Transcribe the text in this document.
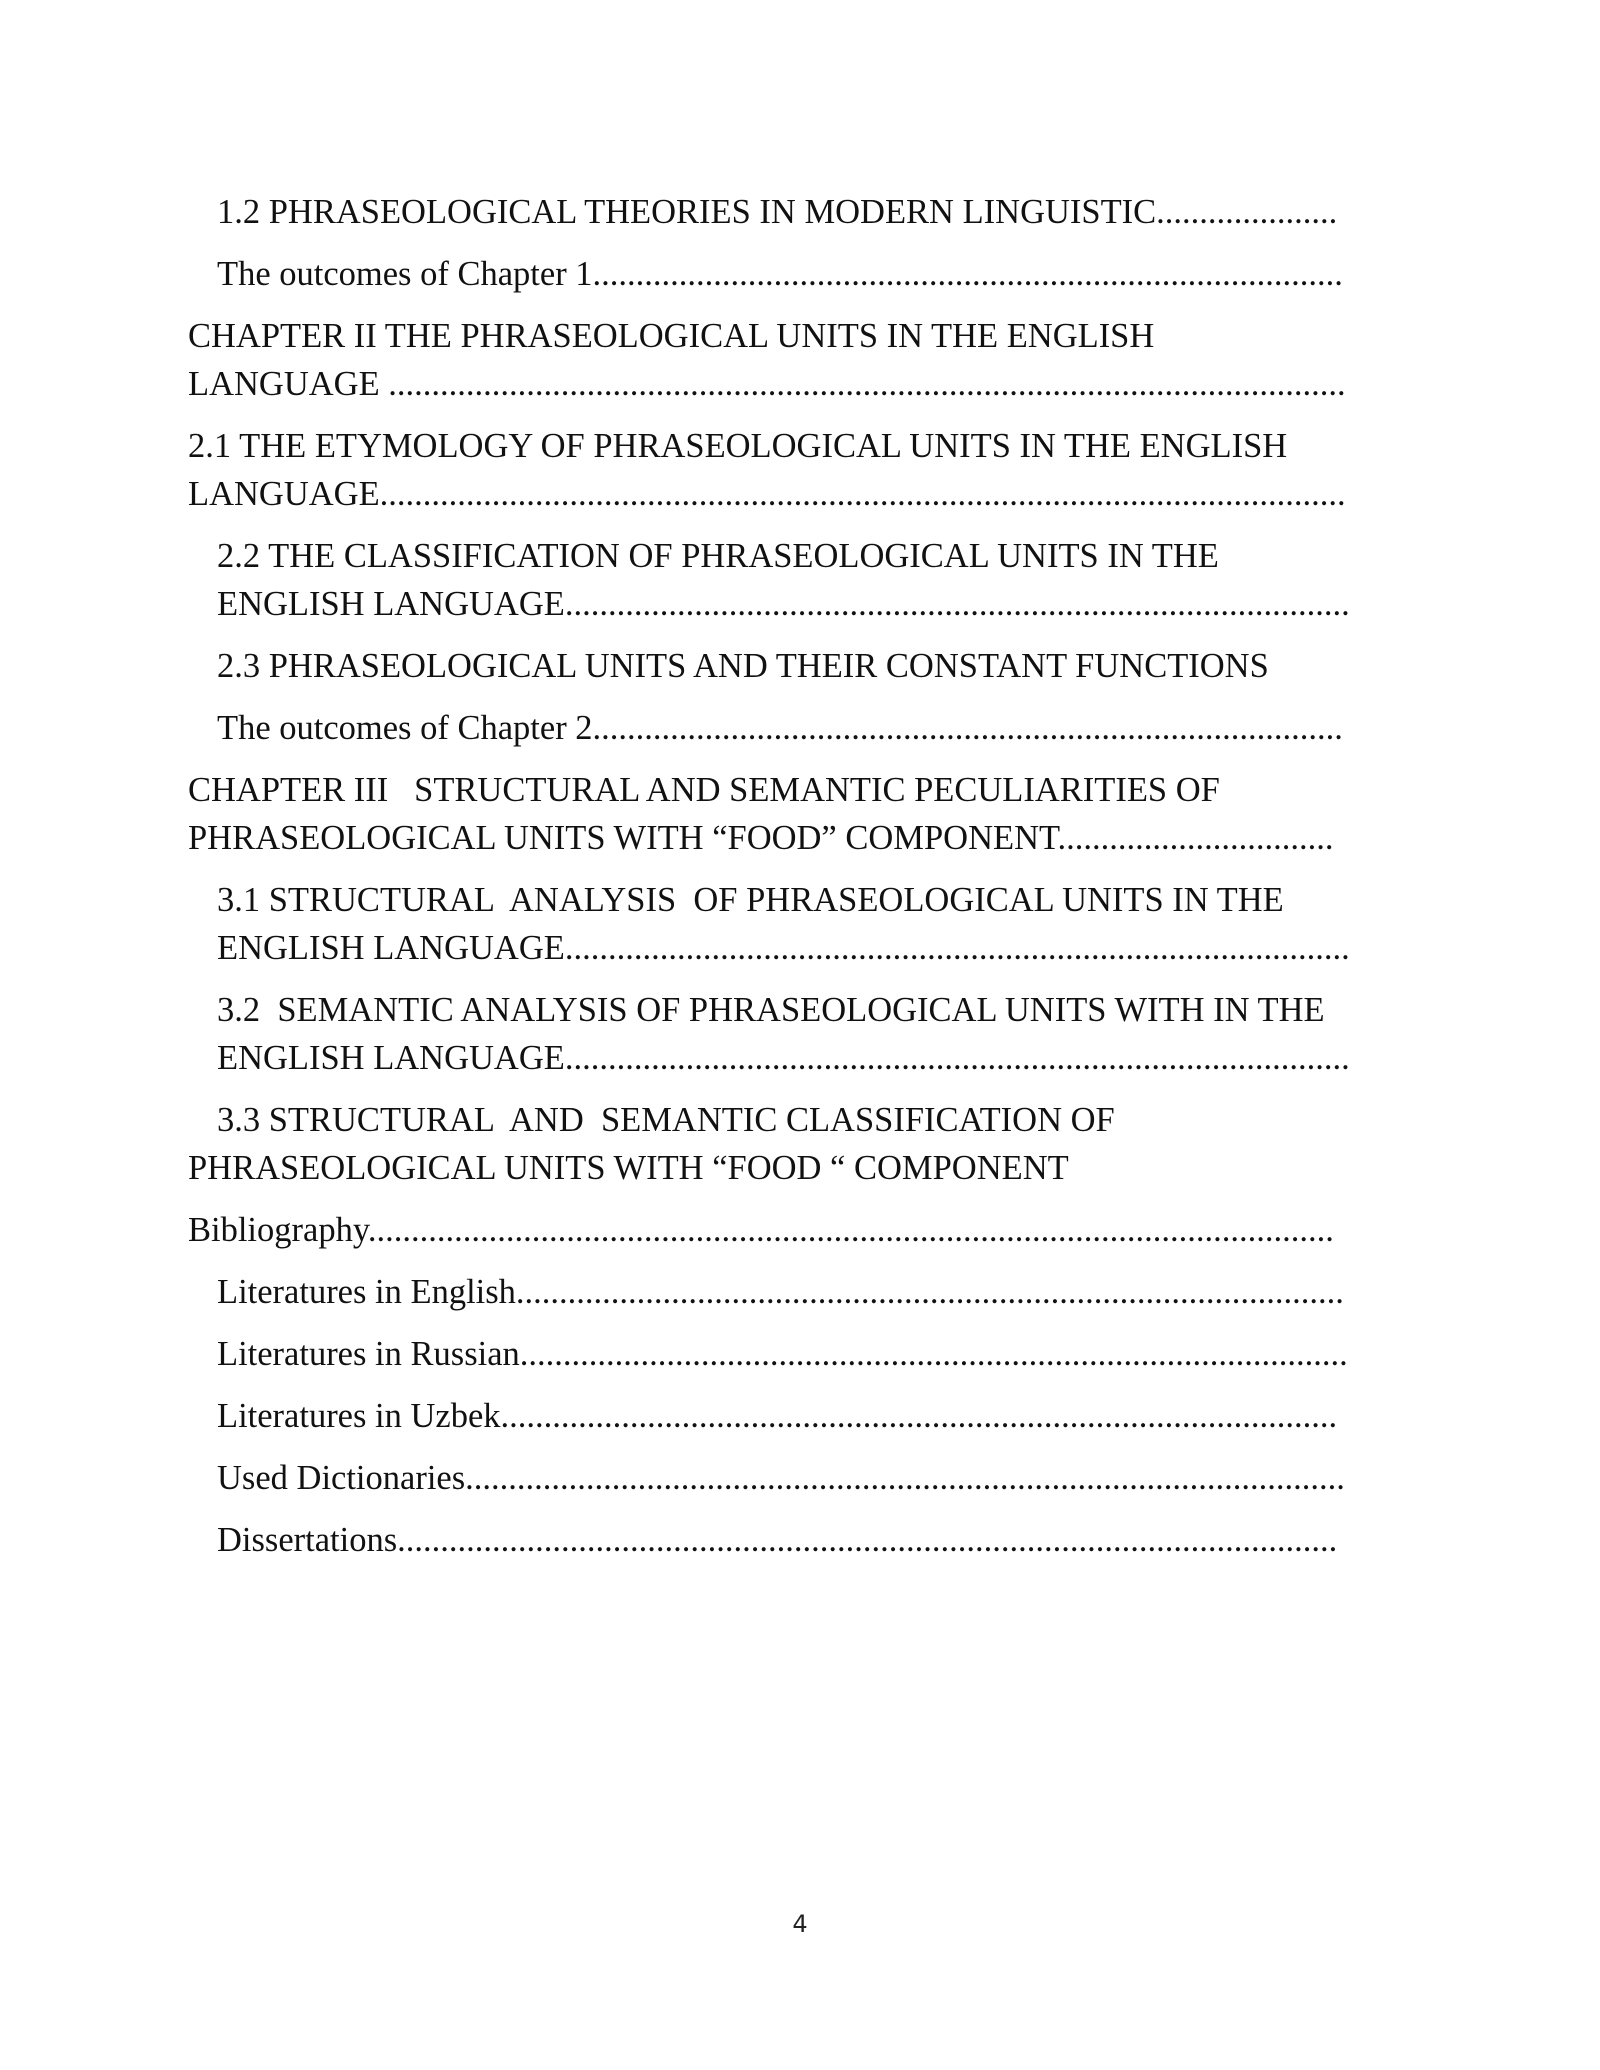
1.2 PHRASEOLOGICAL THEORIES IN MODERN LINGUISTIC.....................
The outcomes of Chapter 1.......................................................................................
CHAPTER II THE PHRASEOLOGICAL UNITS IN THE ENGLISH
LANGUAGE ...............................................................................................................
2.1 THE ETYMOLOGY OF PHRASEOLOGICAL UNITS IN THE ENGLISH
LANGUAGE................................................................................................................
2.2 THE CLASSIFICATION OF PHRASEOLOGICAL UNITS IN THE
ENGLISH LANGUAGE...........................................................................................
2.3 PHRASEOLOGICAL UNITS AND THEIR CONSTANT FUNCTIONS
The outcomes of Chapter 2.......................................................................................
CHAPTER III   STRUCTURAL AND SEMANTIC PECULIARITIES OF
PHRASEOLOGICAL UNITS WITH “FOOD” COMPONENT................................
3.1 STRUCTURAL  ANALYSIS  OF PHRASEOLOGICAL UNITS IN THE
ENGLISH LANGUAGE...........................................................................................
3.2  SEMANTIC ANALYSIS OF PHRASEOLOGICAL UNITS WITH IN THE
ENGLISH LANGUAGE...........................................................................................
3.3 STRUCTURAL  AND  SEMANTIC CLASSIFICATION OF
PHRASEOLOGICAL UNITS WITH “FOOD “ COMPONENT
Bibliography................................................................................................................
Literatures in English................................................................................................
Literatures in Russian................................................................................................
Literatures in Uzbek.................................................................................................
Used Dictionaries......................................................................................................
Dissertations.............................................................................................................
4
